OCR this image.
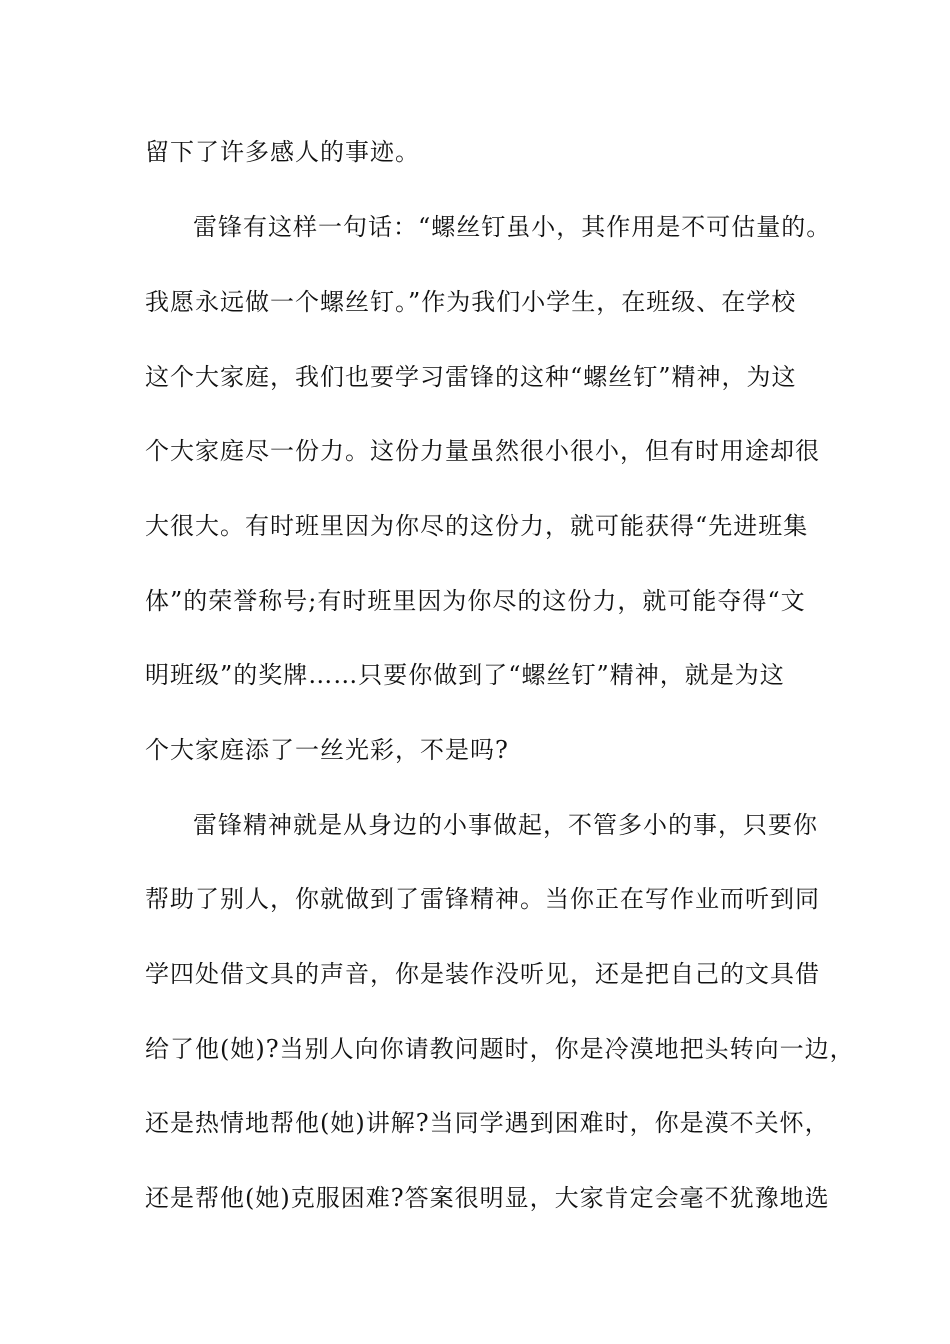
留下了许多感人的事迹。
雷锋有这样一句话：“螺丝钉虽小，其作用是不可估量的。
我愿永远做一个螺丝钉。”作为我们小学生，在班级、在学校
这个大家庭，我们也要学习雷锋的这种“螺丝钉”精神，为这
个大家庭尽一份力。这份力量虽然很小很小，但有时用途却很
大很大。有时班里因为你尽的这份力，就可能获得“先进班集
体”的荣誉称号;有时班里因为你尽的这份力，就可能夺得“文
明班级”的奖牌……只要你做到了“螺丝钉”精神，就是为这
个大家庭添了一丝光彩，不是吗?
雷锋精神就是从身边的小事做起，不管多小的事，只要你
帮助了别人，你就做到了雷锋精神。当你正在写作业而听到同
学四处借文具的声音，你是装作没听见，还是把自己的文具借
给了他(她)?当别人向你请教问题时，你是冷漠地把头转向一边，
还是热情地帮他(她)讲解?当同学遇到困难时，你是漠不关怀，
还是帮他(她)克服困难?答案很明显，大家肯定会毫不犹豫地选
